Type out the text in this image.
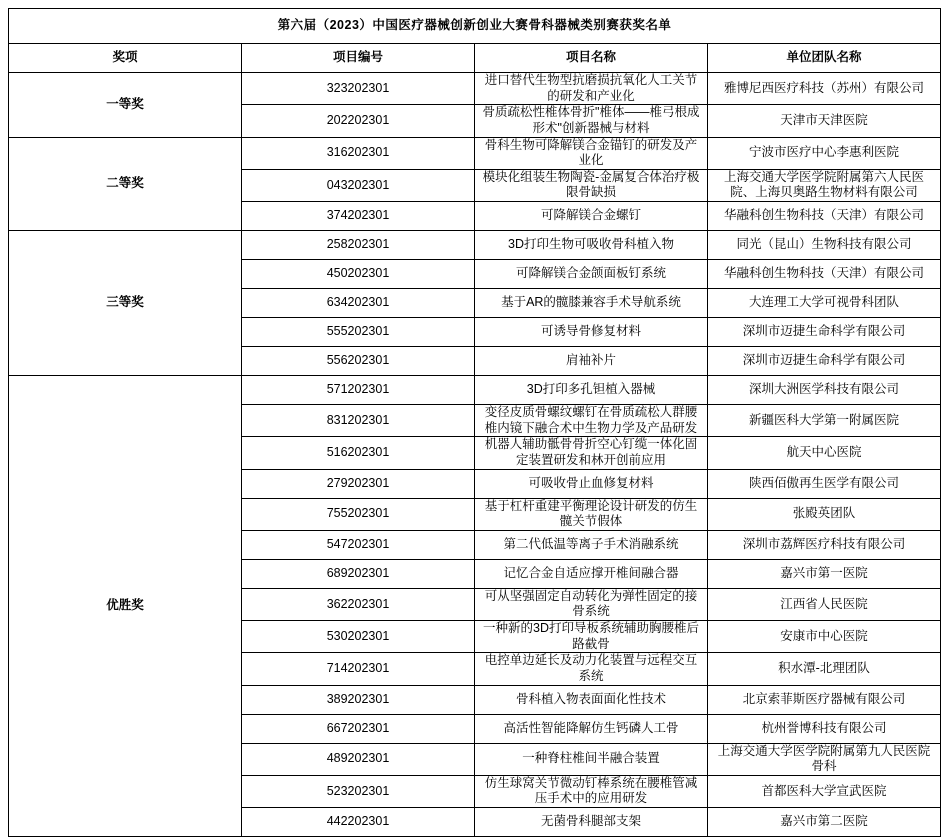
第六届（2023）中国医疗器械创新创业大赛骨科器械类别赛获奖名单			
奖项	项目编号	项目名称	单位团队名称
一等奖	323202301	进口替代生物型抗磨损抗氧化人工关节的研发和产业化	雅博尼西医疗科技（苏州）有限公司
	202202301	骨质疏松性椎体骨折"椎体——椎弓根成形术"创新器械与材料	天津市天津医院
二等奖	316202301	骨科生物可降解镁合金锚钉的研发及产业化	宁波市医疗中心李惠利医院
	043202301	模块化组装生物陶瓷-金属复合体治疗极限骨缺损	上海交通大学医学院附属第六人民医院、上海贝奥路生物材料有限公司
	374202301	可降解镁合金螺钉	华融科创生物科技（天津）有限公司
三等奖	258202301	3D打印生物可吸收骨科植入物	同光（昆山）生物科技有限公司
	450202301	可降解镁合金颌面板钉系统	华融科创生物科技（天津）有限公司
	634202301	基于AR的髋膝兼容手术导航系统	大连理工大学可视骨科团队
	555202301	可诱导骨修复材料	深圳市迈捷生命科学有限公司
	556202301	肩袖补片	深圳市迈捷生命科学有限公司
优胜奖	571202301	3D打印多孔钽植入器械	深圳大洲医学科技有限公司
	831202301	变径皮质骨螺纹螺钉在骨质疏松人群腰椎内镜下融合术中生物力学及产品研发	新疆医科大学第一附属医院
	516202301	机器人辅助骶骨骨折空心钉缆一体化固定装置研发和林开创前应用	航天中心医院
	279202301	可吸收骨止血修复材料	陕西佰傲再生医学有限公司
	755202301	基于杠杆重建平衡理论设计研发的仿生髋关节假体	张殿英团队
	547202301	第二代低温等离子手术消融系统	深圳市荔辉医疗科技有限公司
	689202301	记忆合金自适应撑开椎间融合器	嘉兴市第一医院
	362202301	可从坚强固定自动转化为弹性固定的接骨系统	江西省人民医院
	530202301	一种新的3D打印导板系统辅助胸腰椎后路截骨	安康市中心医院
	714202301	电控单边延长及动力化装置与远程交互系统	积水潭-北理团队
	389202301	骨科植入物表面面化性技术	北京索菲斯医疗器械有限公司
	667202301	高活性智能降解仿生钙磷人工骨	杭州誉博科技有限公司
	489202301	一种脊柱椎间半融合装置	上海交通大学医学院附属第九人民医院骨科
	523202301	仿生球窝关节微动钉棒系统在腰椎管减压手术中的应用研发	首都医科大学宣武医院
	442202301	无菌骨科腿部支架	嘉兴市第二医院
